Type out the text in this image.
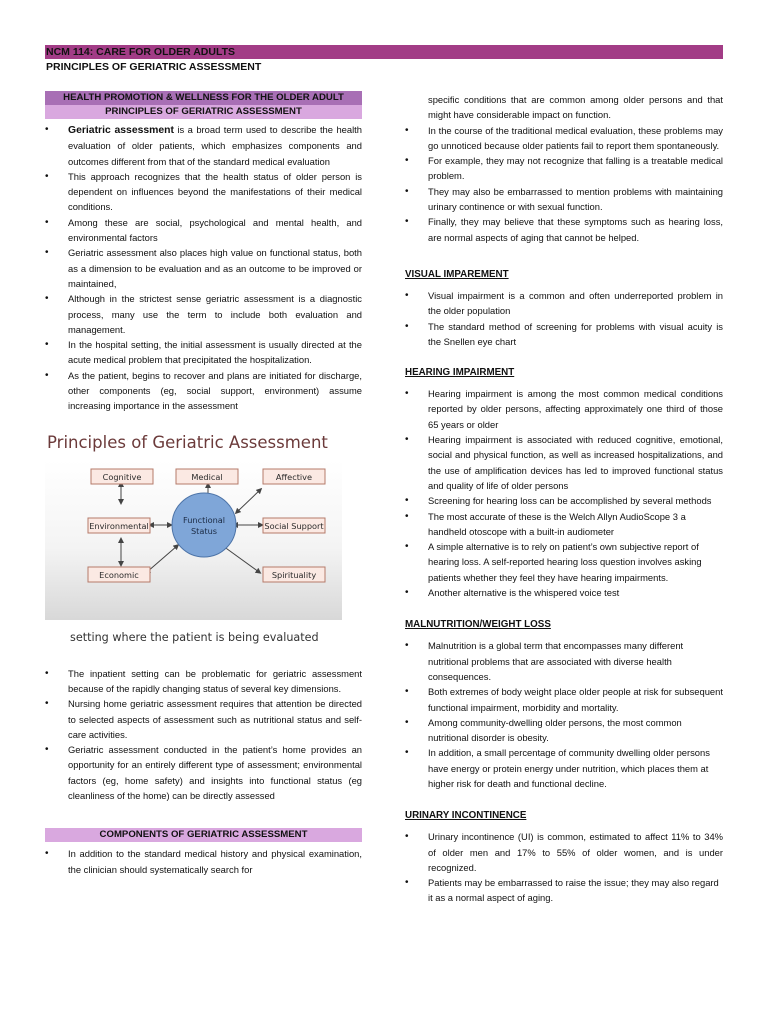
NCM 114: CARE FOR OLDER ADULTS
PRINCIPLES OF GERIATRIC ASSESSMENT
HEALTH PROMOTION & WELLNESS FOR THE OLDER ADULT
PRINCIPLES OF GERIATRIC ASSESSMENT
• Geriatric assessment is a broad term used to describe the health evaluation of older patients, which emphasizes components and outcomes different from that of the standard medical evaluation
• This approach recognizes that the health status of older person is dependent on influences beyond the manifestations of their medical conditions.
• Among these are social, psychological and mental health, and environmental factors
• Geriatric assessment also places high value on functional status, both as a dimension to be evaluation and as an outcome to be improved or maintained,
• Although in the strictest sense geriatric assessment is a diagnostic process, many use the term to include both evaluation and management.
• In the hospital setting, the initial assessment is usually directed at the acute medical problem that precipitated the hospitalization.
• As the patient, begins to recover and plans are initiated for discharge, other components (eg, social support, environment) assume increasing importance in the assessment
Principles of Geriatric Assessment
Cognitive	Medical	Affective
Environmental	Social Support
Economic	Spirituality
Functional
Status
setting where the patient is being evaluated
• The inpatient setting can be problematic for geriatric assessment because of the rapidly changing status of several key dimensions.
• Nursing home geriatric assessment requires that attention be directed to selected aspects of assessment such as nutritional status and self-care activities.
• Geriatric assessment conducted in the patient’s home provides an opportunity for an entirely different type of assessment; environmental factors (eg, home safety) and insights into functional status (eg cleanliness of the home) can be directly assessed
COMPONENTS OF GERIATRIC ASSESSMENT
• In addition to the standard medical history and physical examination, the clinician should systematically search for
specific conditions that are common among older persons and that might have considerable impact on function.
• In the course of the traditional medical evaluation, these problems may go unnoticed because older patients fail to report them spontaneously.
• For example, they may not recognize that falling is a treatable medical problem.
• They may also be embarrassed to mention problems with maintaining urinary continence or with sexual function.
• Finally, they may believe that these symptoms such as hearing loss, are normal aspects of aging that cannot be helped.

VISUAL IMPAREMENT

• Visual impairment is a common and often underreported problem in the older population
• The standard method of screening for problems with visual acuity is the Snellen eye chart

HEARING IMPAIRMENT

• Hearing impairment is among the most common medical conditions reported by older persons, affecting approximately one third of those 65 years or older
• Hearing impairment is associated with reduced cognitive, emotional, social and physical function, as well as increased hospitalizations, and the use of amplification devices has led to improved functional status and quality of life of older persons
• Screening for hearing loss can be accomplished by several methods
• The most accurate of these is the Welch Allyn AudioScope 3 a handheld otoscope with a built-in audiometer
• A simple alternative is to rely on patient’s own subjective report of hearing loss. A self-reported hearing loss question involves asking patients whether they feel they have hearing impairments.
• Another alternative is the whispered voice test

MALNUTRITION/WEIGHT LOSS

• Malnutrition is a global term that encompasses many different nutritional problems that are associated with diverse health consequences.
• Both extremes of body weight place older people at risk for subsequent functional impairment, morbidity and mortality.
• Among community-dwelling older persons, the most common nutritional disorder is obesity.
• In addition, a small percentage of community dwelling older persons have energy or protein energy under nutrition, which places them at higher risk for death and functional decline.

URINARY INCONTINENCE

• Urinary incontinence (UI) is common, estimated to affect 11% to 34% of older men and 17% to 55% of older women, and is under recognized.
• Patients may be embarrassed to raise the issue; they may also regard it as a normal aspect of aging.
